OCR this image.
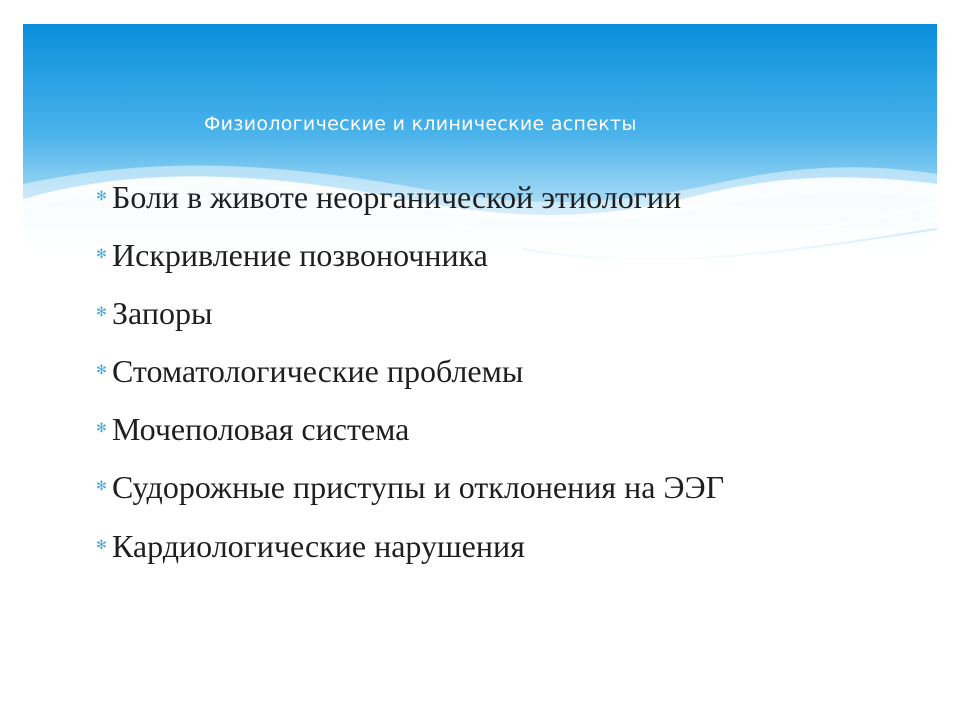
Физиологические и клинические аспекты
✻ Боли в животе неорганической этиологии
✻ Искривление позвоночника
✻ Запоры
✻ Стоматологические проблемы
✻ Мочеполовая система
✻ Судорожные приступы и отклонения на ЭЭГ
✻ Кардиологические нарушения
